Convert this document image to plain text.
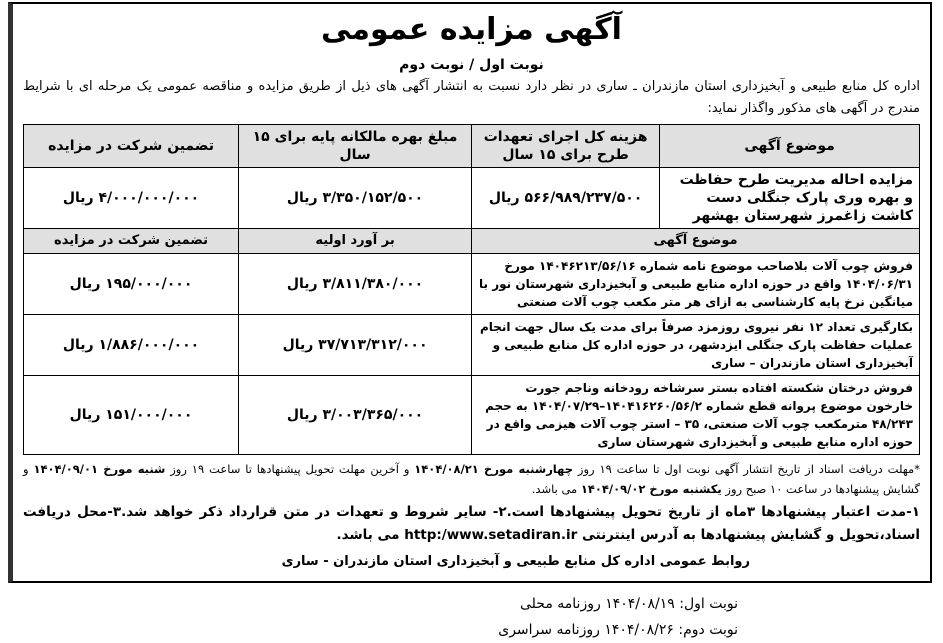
آگهی مزایده عمومی
نوبت اول / نوبت دوم
اداره کل منابع طبیعی و آبخیزداری استان مازندران ـ ساری در نظر دارد نسبت به انتشار آگهی های ذیل از طریق مزایده و مناقصه عمومی یک مرحله ای با شرایط مندرج در آگهی های مذکور واگذار نماید:
موضوع آگهی	هزینه کل اجرای تعهدات طرح برای ۱۵ سال	مبلغ بهره مالکانه پایه برای ۱۵ سال	تضمین شرکت در مزایده
مزایده احاله مدیریت طرح حفاظت و بهره وری پارک جنگلی دست کاشت زاغمرز شهرستان بهشهر	۵۶۶/۹۸۹/۲۳۷/۵۰۰ ریال	۳/۳۵۰/۱۵۲/۵۰۰ ریال	۴/۰۰۰/۰۰۰/۰۰۰ ریال
موضوع آگهی		بر آورد اولیه	تضمین شرکت در مزایده
فروش چوب آلات بلاصاحب موضوع نامه شماره ۱۴۰۴۶۲۱۳/۵۶/۱۶ مورخ ۱۴۰۴/۰۶/۳۱ واقع در حوزه اداره منابع طبیعی و آبخیزداری شهرستان نور با میانگین نرخ پایه کارشناسی به ازای هر متر مکعب چوب آلات صنعتی		۳/۸۱۱/۳۸۰/۰۰۰ ریال	۱۹۵/۰۰۰/۰۰۰ ریال
بکارگیری تعداد ۱۲ نفر نیروی روزمزد صرفاً برای مدت یک سال جهت انجام عملیات حفاظت پارک جنگلی ایزدشهر، در حوزه اداره کل منابع طبیعی و آبخیزداری استان مازندران – ساری		۳۷/۷۱۳/۳۱۲/۰۰۰ ریال	۱/۸۸۶/۰۰۰/۰۰۰ ریال
فروش درختان شکسته افتاده بستر سرشاخه رودخانه وناجم جورت خارخون موضوع پروانه قطع شماره ۱۴۰۴۱۶۲۶۰/۵۶/۲–۱۴۰۴/۰۷/۲۹ به حجم ۴۸/۲۴۳ مترمکعب چوب آلات صنعتی، ۳۵ – استر چوب آلات هیزمی واقع در حوزه اداره منابع طبیعی و آبخیزداری شهرستان ساری		۳/۰۰۳/۳۶۵/۰۰۰ ریال	۱۵۱/۰۰۰/۰۰۰ ریال
*مهلت دریافت اسناد از تاریخ انتشار آگهی نوبت اول تا ساعت ۱۹ روز چهارشنبه مورخ ۱۴۰۴/۰۸/۲۱ و آخرین مهلت تحویل پیشنهادها تا ساعت ۱۹ روز شنبه مورخ ۱۴۰۴/۰۹/۰۱ و گشایش پیشنهادها در ساعت ۱۰ صبح روز یکشنبه مورخ ۱۴۰۴/۰۹/۰۲ می باشد.
۱-مدت اعتبار پیشنهادها ۳ماه از تاریخ تحویل پیشنهادها است.۲- سایر شروط و تعهدات در متن قرارداد ذکر خواهد شد.۳-محل دریافت اسناد،تحویل و گشایش پیشنهادها به آدرس اینترنتی http:/www.setadiran.ir می باشد.
روابط عمومی اداره کل منابع طبیعی و آبخیزداری استان مازندران - ساری
نوبت اول: ۱۴۰۴/۰۸/۱۹ روزنامه محلی
نوبت دوم: ۱۴۰۴/۰۸/۲۶ روزنامه سراسری
